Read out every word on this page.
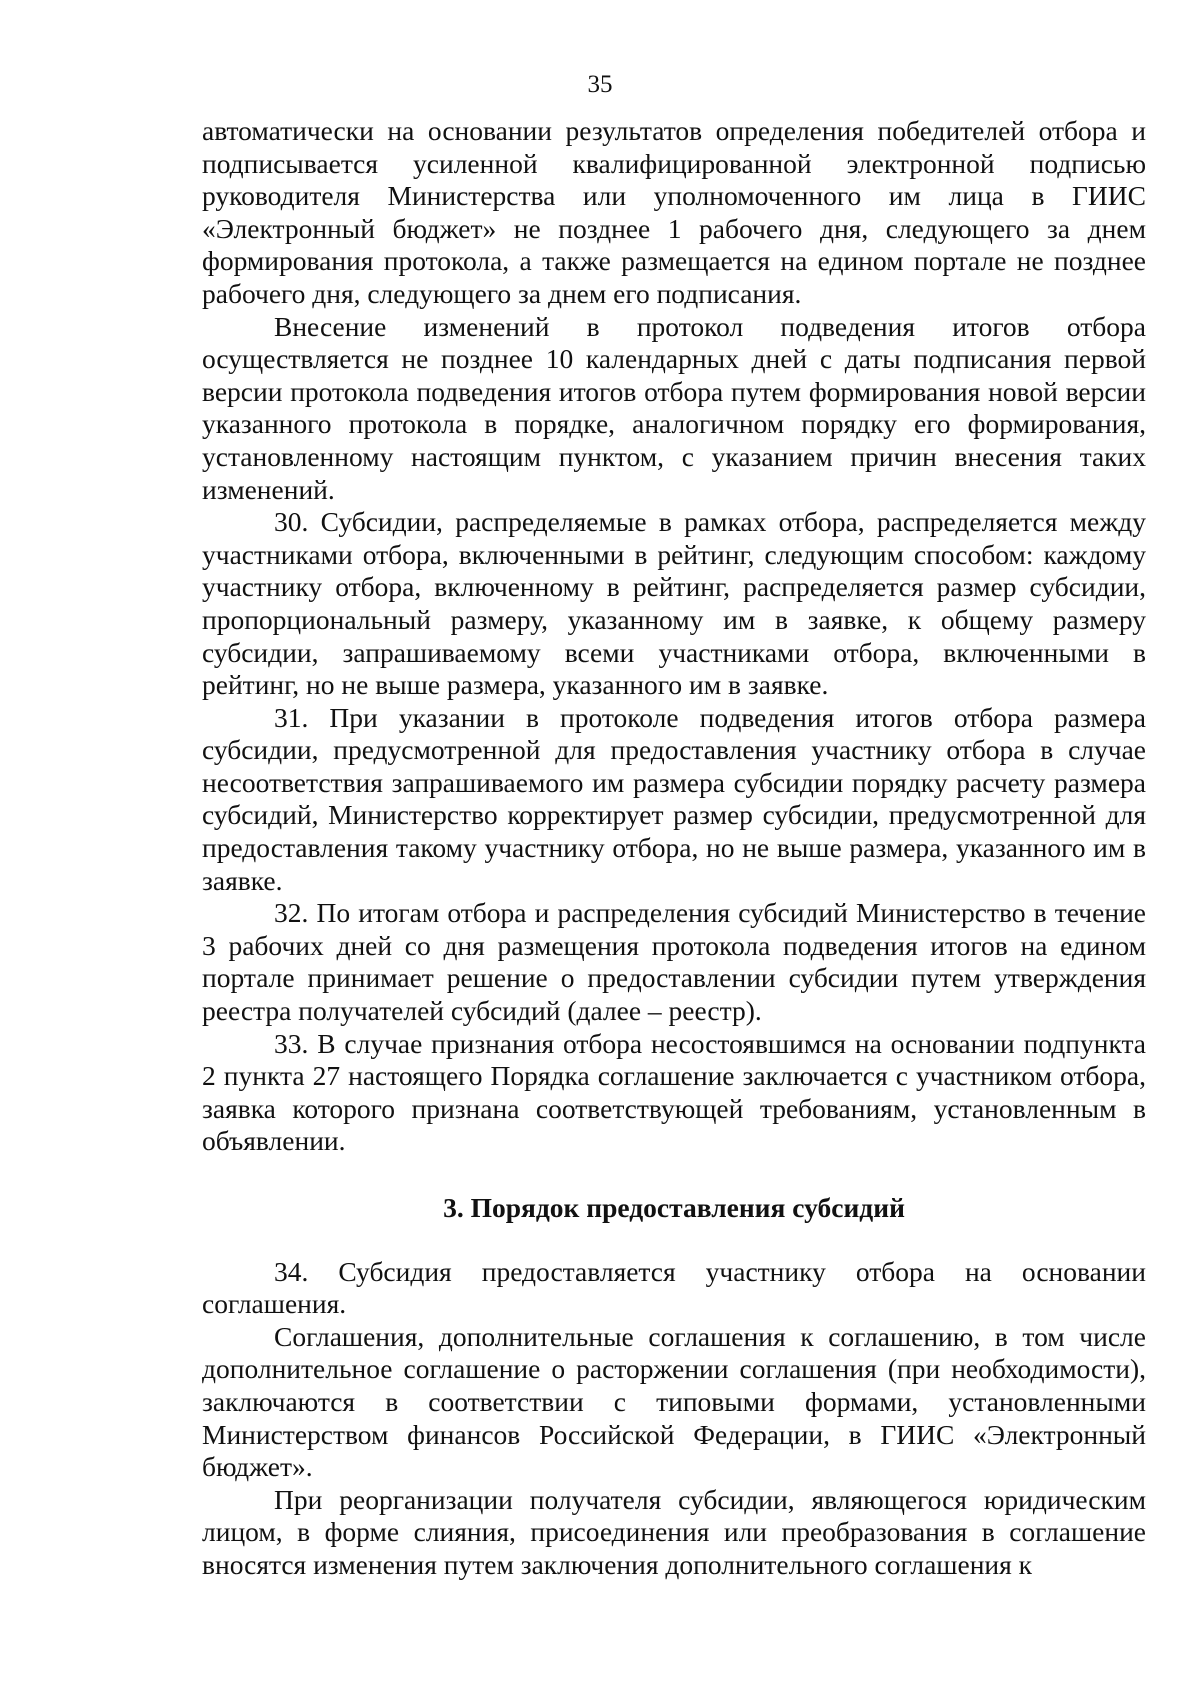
35

автоматически на основании результатов определения победителей отбора и подписывается усиленной квалифицированной электронной подписью руководителя Министерства или уполномоченного им лица в ГИИС «Электронный бюджет» не позднее 1 рабочего дня, следующего за днем формирования протокола, а также размещается на едином портале не позднее рабочего дня, следующего за днем его подписания.

Внесение изменений в протокол подведения итогов отбора осуществляется не позднее 10 календарных дней с даты подписания первой версии протокола подведения итогов отбора путем формирования новой версии указанного протокола в порядке, аналогичном порядку его формирования, установленному настоящим пунктом, с указанием причин внесения таких изменений.

30. Субсидии, распределяемые в рамках отбора, распределяется между участниками отбора, включенными в рейтинг, следующим способом: каждому участнику отбора, включенному в рейтинг, распределяется размер субсидии, пропорциональный размеру, указанному им в заявке, к общему размеру субсидии, запрашиваемому всеми участниками отбора, включенными в рейтинг, но не выше размера, указанного им в заявке.

31. При указании в протоколе подведения итогов отбора размера субсидии, предусмотренной для предоставления участнику отбора в случае несоответствия запрашиваемого им размера субсидии порядку расчету размера субсидий, Министерство корректирует размер субсидии, предусмотренной для предоставления такому участнику отбора, но не выше размера, указанного им в заявке.

32. По итогам отбора и распределения субсидий Министерство в течение 3 рабочих дней со дня размещения протокола подведения итогов на едином портале принимает решение о предоставлении субсидии путем утверждения реестра получателей субсидий (далее – реестр).

33. В случае признания отбора несостоявшимся на основании подпункта 2 пункта 27 настоящего Порядка соглашение заключается с участником отбора, заявка которого признана соответствующей требованиям, установленным в объявлении.

3. Порядок предоставления субсидий

34. Субсидия предоставляется участнику отбора на основании соглашения.

Соглашения, дополнительные соглашения к соглашению, в том числе дополнительное соглашение о расторжении соглашения (при необходимости), заключаются в соответствии с типовыми формами, установленными Министерством финансов Российской Федерации, в ГИИС «Электронный бюджет».

При реорганизации получателя субсидии, являющегося юридическим лицом, в форме слияния, присоединения или преобразования в соглашение вносятся изменения путем заключения дополнительного соглашения к
